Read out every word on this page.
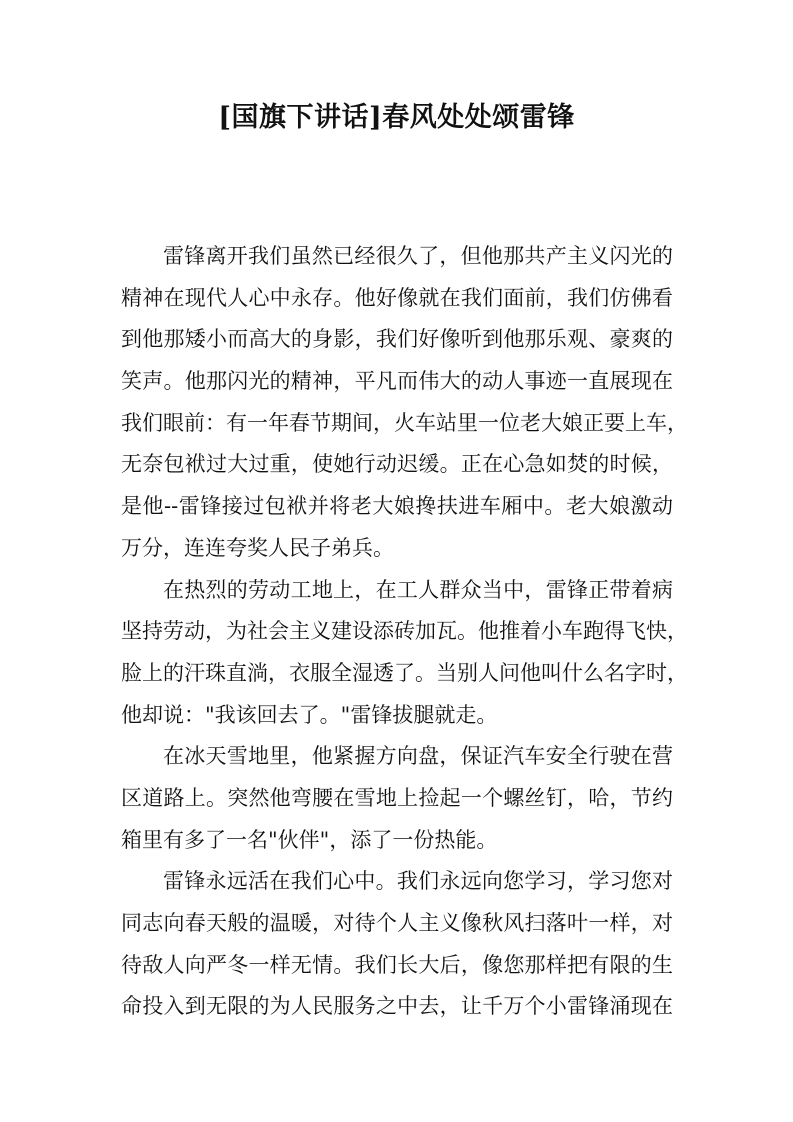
[国旗下讲话]春风处处颂雷锋
雷锋离开我们虽然已经很久了，但他那共产主义闪光的
精神在现代人心中永存。他好像就在我们面前，我们仿佛看
到他那矮小而高大的身影，我们好像听到他那乐观、豪爽的
笑声。他那闪光的精神，平凡而伟大的动人事迹一直展现在
我们眼前：有一年春节期间，火车站里一位老大娘正要上车，
无奈包袱过大过重，使她行动迟缓。正在心急如焚的时候，
是他--雷锋接过包袱并将老大娘搀扶进车厢中。老大娘激动
万分，连连夸奖人民子弟兵。
在热烈的劳动工地上，在工人群众当中，雷锋正带着病
坚持劳动，为社会主义建设添砖加瓦。他推着小车跑得飞快，
脸上的汗珠直淌，衣服全湿透了。当别人问他叫什么名字时，
他却说："我该回去了。"雷锋拔腿就走。
在冰天雪地里，他紧握方向盘，保证汽车安全行驶在营
区道路上。突然他弯腰在雪地上捡起一个螺丝钉，哈，节约
箱里有多了一名"伙伴"，添了一份热能。
雷锋永远活在我们心中。我们永远向您学习，学习您对
同志向春天般的温暖，对待个人主义像秋风扫落叶一样，对
待敌人向严冬一样无情。我们长大后，像您那样把有限的生
命投入到无限的为人民服务之中去，让千万个小雷锋涌现在
